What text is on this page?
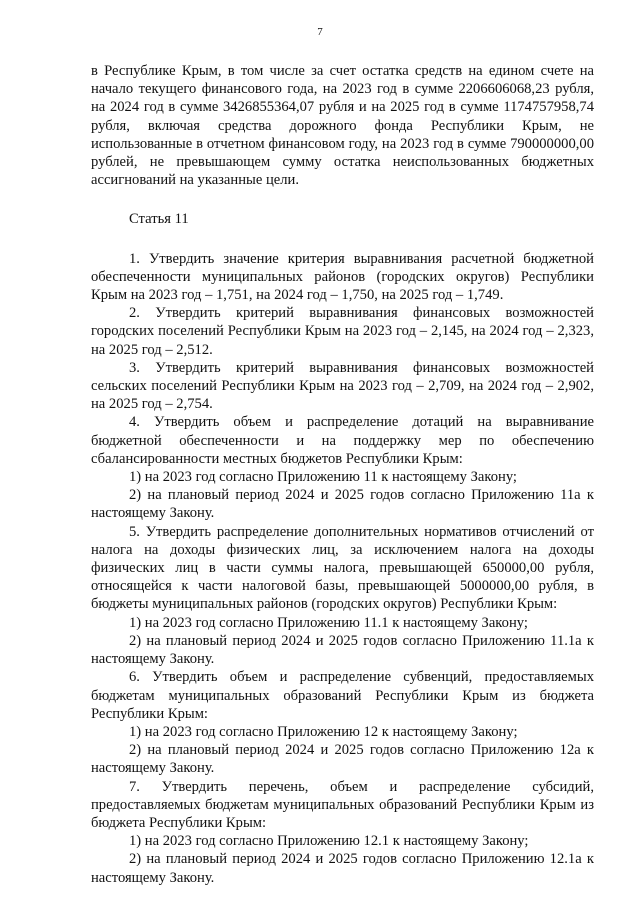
7

в Республике Крым, в том числе за счет остатка средств на едином счете на начало текущего финансового года, на 2023 год в сумме 2206606068,23 рубля, на 2024 год в сумме 3426855364,07 рубля и на 2025 год в сумме 1174757958,74 рубля, включая средства дорожного фонда Республики Крым, не использованные в отчетном финансовом году, на 2023 год в сумме 790000000,00 рублей, не превышающем сумму остатка неиспользованных бюджетных ассигнований на указанные цели.

Статья 11

1. Утвердить значение критерия выравнивания расчетной бюджетной обеспеченности муниципальных районов (городских округов) Республики Крым на 2023 год – 1,751, на 2024 год – 1,750, на 2025 год – 1,749.

2. Утвердить критерий выравнивания финансовых возможностей городских поселений Республики Крым на 2023 год – 2,145, на 2024 год – 2,323, на 2025 год – 2,512.

3. Утвердить критерий выравнивания финансовых возможностей сельских поселений Республики Крым на 2023 год – 2,709, на 2024 год – 2,902, на 2025 год – 2,754.

4. Утвердить объем и распределение дотаций на выравнивание бюджетной обеспеченности и на поддержку мер по обеспечению сбалансированности местных бюджетов Республики Крым:

1) на 2023 год согласно Приложению 11 к настоящему Закону;

2) на плановый период 2024 и 2025 годов согласно Приложению 11а к настоящему Закону.

5. Утвердить распределение дополнительных нормативов отчислений от налога на доходы физических лиц, за исключением налога на доходы физических лиц в части суммы налога, превышающей 650000,00 рубля, относящейся к части налоговой базы, превышающей 5000000,00 рубля, в бюджеты муниципальных районов (городских округов) Республики Крым:

1) на 2023 год согласно Приложению 11.1 к настоящему Закону;

2) на плановый период 2024 и 2025 годов согласно Приложению 11.1а к настоящему Закону.

6. Утвердить объем и распределение субвенций, предоставляемых бюджетам муниципальных образований Республики Крым из бюджета Республики Крым:

1) на 2023 год согласно Приложению 12 к настоящему Закону;

2) на плановый период 2024 и 2025 годов согласно Приложению 12а к настоящему Закону.

7. Утвердить перечень, объем и распределение субсидий, предоставляемых бюджетам муниципальных образований Республики Крым из бюджета Республики Крым:

1) на 2023 год согласно Приложению 12.1 к настоящему Закону;

2) на плановый период 2024 и 2025 годов согласно Приложению 12.1а к настоящему Закону.
